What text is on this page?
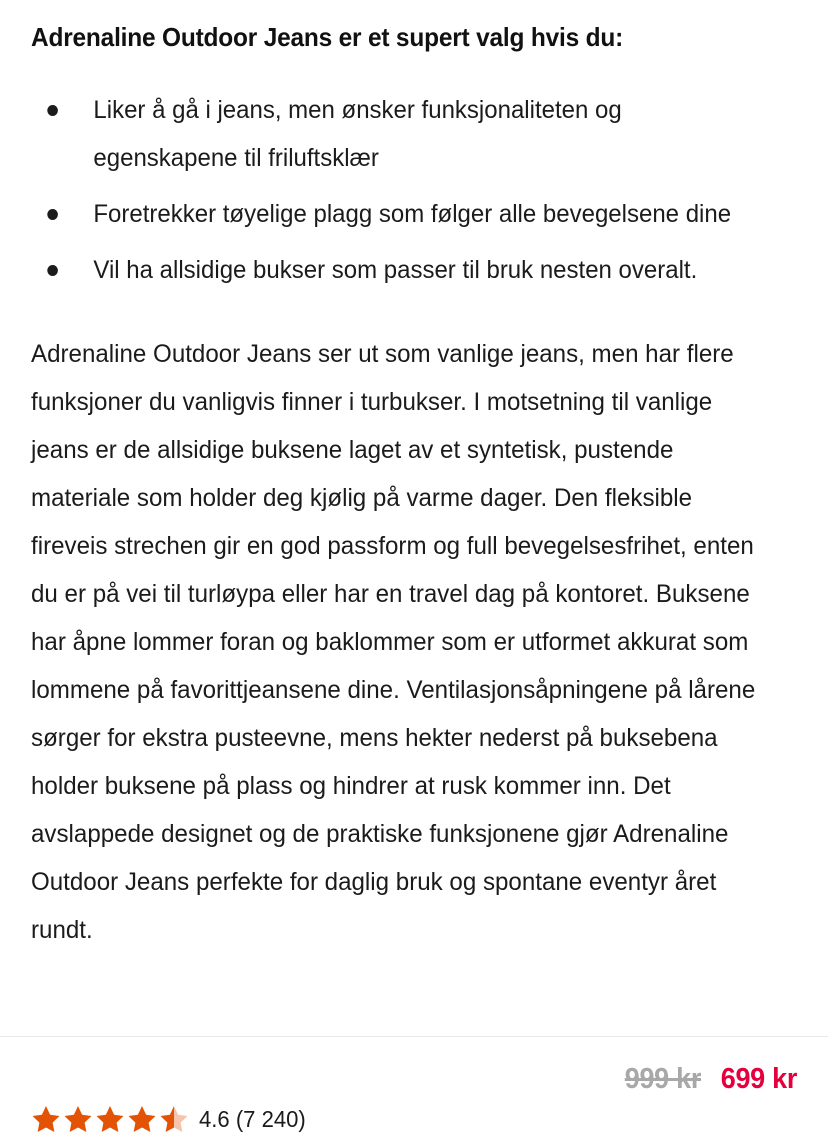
Adrenaline Outdoor Jeans er et supert valg hvis du:
Liker å gå i jeans, men ønsker funksjonaliteten og egenskapene til friluftsklær
Foretrekker tøyelige plagg som følger alle bevegelsene dine
Vil ha allsidige bukser som passer til bruk nesten overalt.

Adrenaline Outdoor Jeans ser ut som vanlige jeans, men har flere funksjoner du vanligvis finner i turbukser. I motsetning til vanlige jeans er de allsidige buksene laget av et syntetisk, pustende materiale som holder deg kjølig på varme dager. Den fleksible fireveis strechen gir en god passform og full bevegelsesfrihet, enten du er på vei til turløypa eller har en travel dag på kontoret. Buksene har åpne lommer foran og baklommer som er utformet akkurat som lommene på favorittjeansene dine. Ventilasjonsåpningene på lårene sørger for ekstra pusteevne, mens hekter nederst på buksebena holder buksene på plass og hindrer at rusk kommer inn. Det avslappede designet og de praktiske funksjonene gjør Adrenaline Outdoor Jeans perfekte for daglig bruk og spontane eventyr året rundt.

4.6 (7 240)
999 kr 699 kr
